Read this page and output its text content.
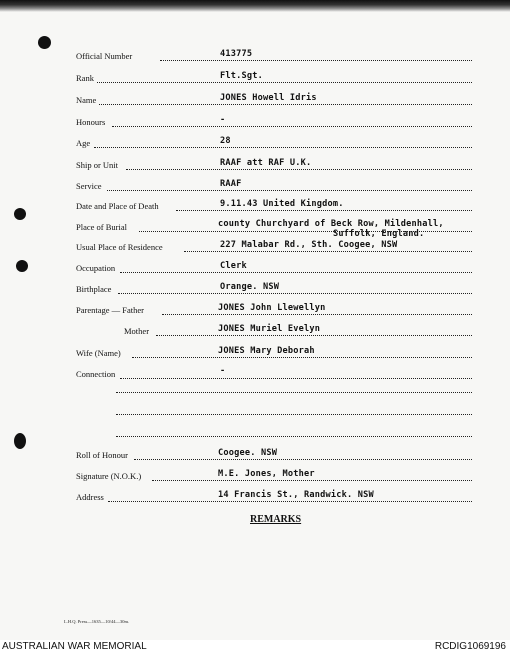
Official Number	413775
Rank	Flt.Sgt.
Name	JONES Howell Idris
Honours	-
Age	28
Ship or Unit	RAAF att RAF U.K.
Service	RAAF
Date and Place of Death	9.11.43 United Kingdom.
Place of Burial	county Churchyard of Beck Row, Mildenhall,
Suffolk, England.
Usual Place of Residence	227 Malabar Rd., Sth. Coogee, NSW
Occupation	Clerk
Birthplace	Orange. NSW
Parentage — Father	JONES John Llewellyn
Mother	JONES Muriel Evelyn
Wife (Name)	JONES Mary Deborah
Connection	-
Roll of Honour	Coogee. NSW
Signature (N.O.K.)	M.E. Jones, Mother
Address	14 Francis St., Randwick. NSW
REMARKS
L.H.Q. Press—1635—10/44—30m.
AUSTRALIAN WAR MEMORIAL	RCDIG1069196
